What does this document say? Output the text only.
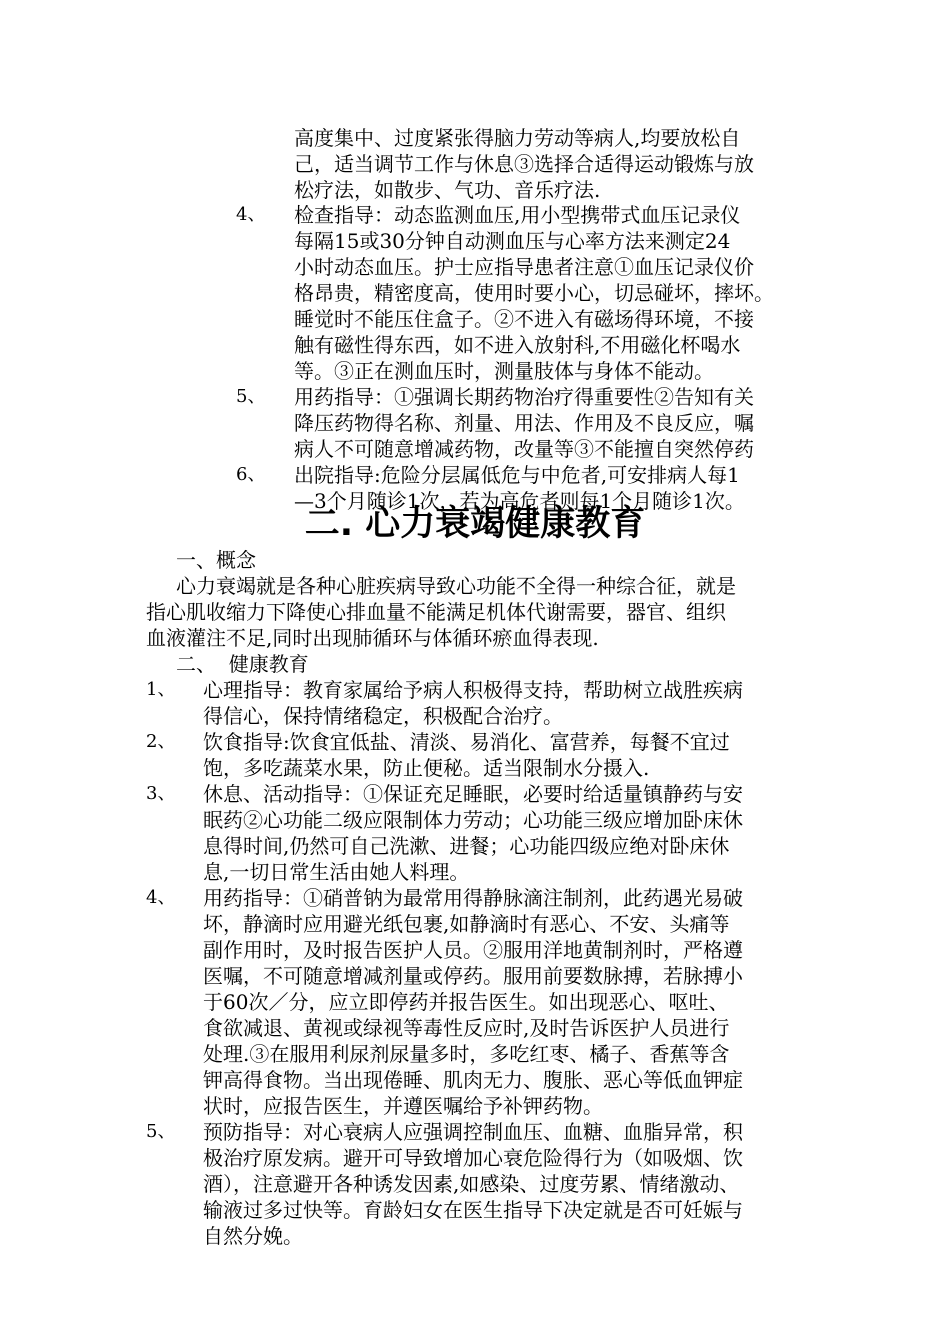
高度集中、过度紧张得脑力劳动等病人,均要放松自
己，适当调节工作与休息③选择合适得运动锻炼与放
松疗法，如散步、气功、音乐疗法.
4、 检查指导：动态监测血压,用小型携带式血压记录仪
每隔15或30分钟自动测血压与心率方法来测定24
小时动态血压。护士应指导患者注意①血压记录仪价
格昂贵，精密度高，使用时要小心，切忌碰坏，摔坏。
睡觉时不能压住盒子。②不进入有磁场得环境，不接
触有磁性得东西，如不进入放射科,不用磁化杯喝水
等。③正在测血压时，测量肢体与身体不能动。
5、 用药指导：①强调长期药物治疗得重要性②告知有关
降压药物得名称、剂量、用法、作用及不良反应，嘱
病人不可随意增减药物，改量等③不能擅自突然停药
6、 出院指导:危险分层属低危与中危者,可安排病人每1
—3个月随诊1次，若为高危者则每1个月随诊1次。
二. 心力衰竭健康教育
一、概念
心力衰竭就是各种心脏疾病导致心功能不全得一种综合征，就是
指心肌收缩力下降使心排血量不能满足机体代谢需要，器官、组织
血液灌注不足,同时出现肺循环与体循环瘀血得表现.
二、  健康教育
1、 心理指导：教育家属给予病人积极得支持，帮助树立战胜疾病
得信心，保持情绪稳定，积极配合治疗。
2、 饮食指导:饮食宜低盐、清淡、易消化、富营养，每餐不宜过
饱，多吃蔬菜水果，防止便秘。适当限制水分摄入.
3、 休息、活动指导：①保证充足睡眠，必要时给适量镇静药与安
眠药②心功能二级应限制体力劳动；心功能三级应增加卧床休
息得时间,仍然可自己洗漱、进餐；心功能四级应绝对卧床休
息,一切日常生活由她人料理。
4、 用药指导：①硝普钠为最常用得静脉滴注制剂，此药遇光易破
坏，静滴时应用避光纸包裹,如静滴时有恶心、不安、头痛等
副作用时，及时报告医护人员。②服用洋地黄制剂时，严格遵
医嘱，不可随意增减剂量或停药。服用前要数脉搏，若脉搏小
于60次／分，应立即停药并报告医生。如出现恶心、呕吐、
食欲减退、黄视或绿视等毒性反应时,及时告诉医护人员进行
处理.③在服用利尿剂尿量多时，多吃红枣、橘子、香蕉等含
钾高得食物。当出现倦睡、肌肉无力、腹胀、恶心等低血钾症
状时，应报告医生，并遵医嘱给予补钾药物。
5、 预防指导：对心衰病人应强调控制血压、血糖、血脂异常，积
极治疗原发病。避开可导致增加心衰危险得行为（如吸烟、饮
酒），注意避开各种诱发因素,如感染、过度劳累、情绪激动、
输液过多过快等。育龄妇女在医生指导下决定就是否可妊娠与
自然分娩。
